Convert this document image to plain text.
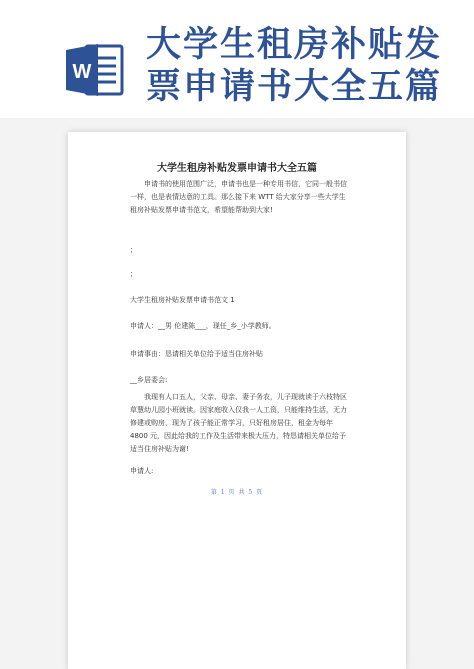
W
大学生租房补贴发票申请书大全五篇
大学生租房补贴发票申请书大全五篇

申请书的使用范围广泛，申请书也是一种专用书信，它同一般书信一样，也是表情达意的工具。那么接下来 WTT 给大家分享一些大学生租房补贴发票申请书范文，希望能帮助到大家!

；

；

大学生租房补贴发票申请书范文 1

申请人：__男 伦建陈___，现任_乡_小学教师。

申请事由：恳请相关单位给予适当住房补贴

__乡居委会:

我现有人口五人，父亲、母亲、妻子务农，儿子现就读于六枝特区草慧幼儿园小班就读。因家庭收入仅我一人工资，只能维持生活，无力修建或购房，现为了孩子能正常学习，只好租房居住，租金为每年 4800 元，因此给我的工作及生活带来极大压力，特恳请相关单位给予适当住房补贴为谢!

申请人:

第 1 页 共 5 页
